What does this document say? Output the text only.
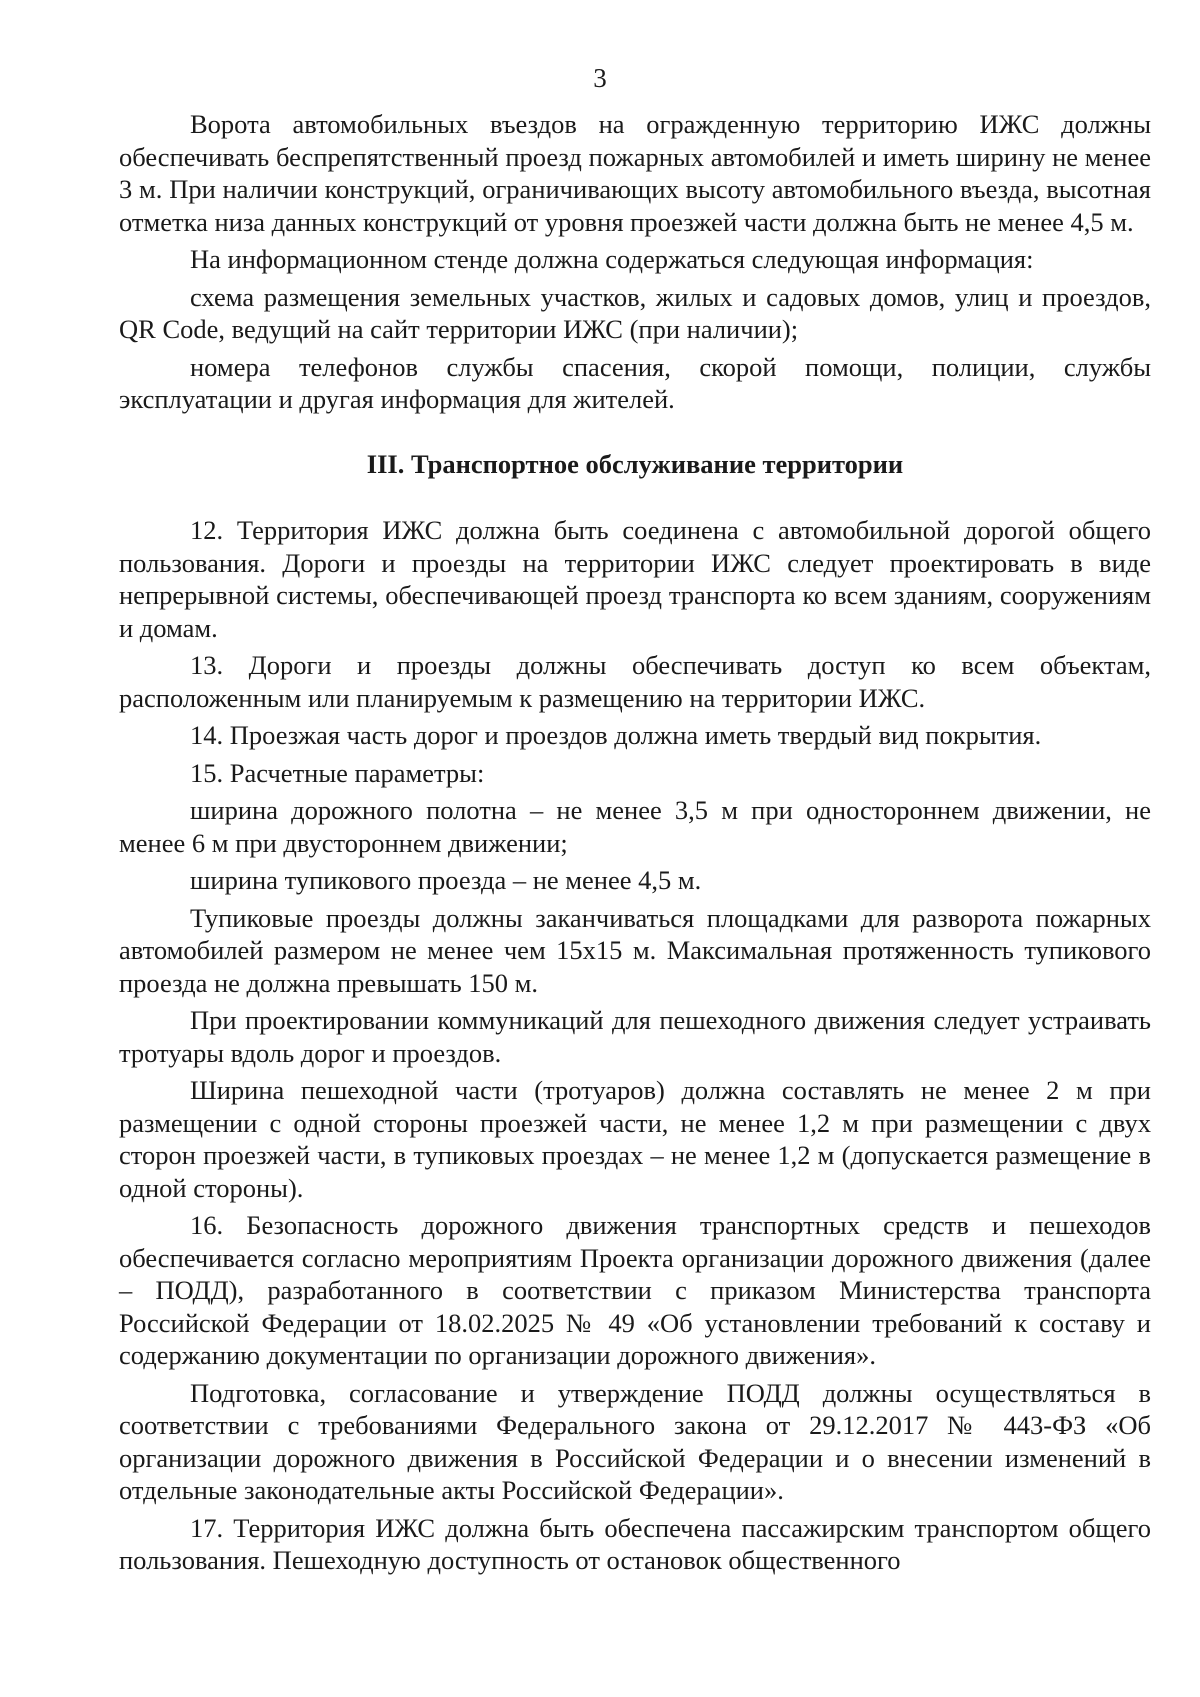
3

Ворота автомобильных въездов на огражденную территорию ИЖС должны обеспечивать беспрепятственный проезд пожарных автомобилей и иметь ширину не менее 3 м. При наличии конструкций, ограничивающих высоту автомобильного въезда, высотная отметка низа данных конструкций от уровня проезжей части должна быть не менее 4,5 м.

На информационном стенде должна содержаться следующая информация:

схема размещения земельных участков, жилых и садовых домов, улиц и проездов, QR Code, ведущий на сайт территории ИЖС (при наличии);

номера телефонов службы спасения, скорой помощи, полиции, службы эксплуатации и другая информация для жителей.

III. Транспортное обслуживание территории

12. Территория ИЖС должна быть соединена с автомобильной дорогой общего пользования. Дороги и проезды на территории ИЖС следует проектировать в виде непрерывной системы, обеспечивающей проезд транспорта ко всем зданиям, сооружениям и домам.

13. Дороги и проезды должны обеспечивать доступ ко всем объектам, расположенным или планируемым к размещению на территории ИЖС.

14. Проезжая часть дорог и проездов должна иметь твердый вид покрытия.

15. Расчетные параметры:

ширина дорожного полотна – не менее 3,5 м при одностороннем движении, не менее 6 м при двустороннем движении;

ширина тупикового проезда – не менее 4,5 м.

Тупиковые проезды должны заканчиваться площадками для разворота пожарных автомобилей размером не менее чем 15x15 м. Максимальная протяженность тупикового проезда не должна превышать 150 м.

При проектировании коммуникаций для пешеходного движения следует устраивать тротуары вдоль дорог и проездов.

Ширина пешеходной части (тротуаров) должна составлять не менее 2 м при размещении с одной стороны проезжей части, не менее 1,2 м при размещении с двух сторон проезжей части, в тупиковых проездах – не менее 1,2 м (допускается размещение в одной стороны).

16. Безопасность дорожного движения транспортных средств и пешеходов обеспечивается согласно мероприятиям Проекта организации дорожного движения (далее – ПОДД), разработанного в соответствии с приказом Министерства транспорта Российской Федерации от 18.02.2025 № 49 «Об установлении требований к составу и содержанию документации по организации дорожного движения».

Подготовка, согласование и утверждение ПОДД должны осуществляться в соответствии с требованиями Федерального закона от 29.12.2017 № 443-ФЗ «Об организации дорожного движения в Российской Федерации и о внесении изменений в отдельные законодательные акты Российской Федерации».

17. Территория ИЖС должна быть обеспечена пассажирским транспортом общего пользования. Пешеходную доступность от остановок общественного
